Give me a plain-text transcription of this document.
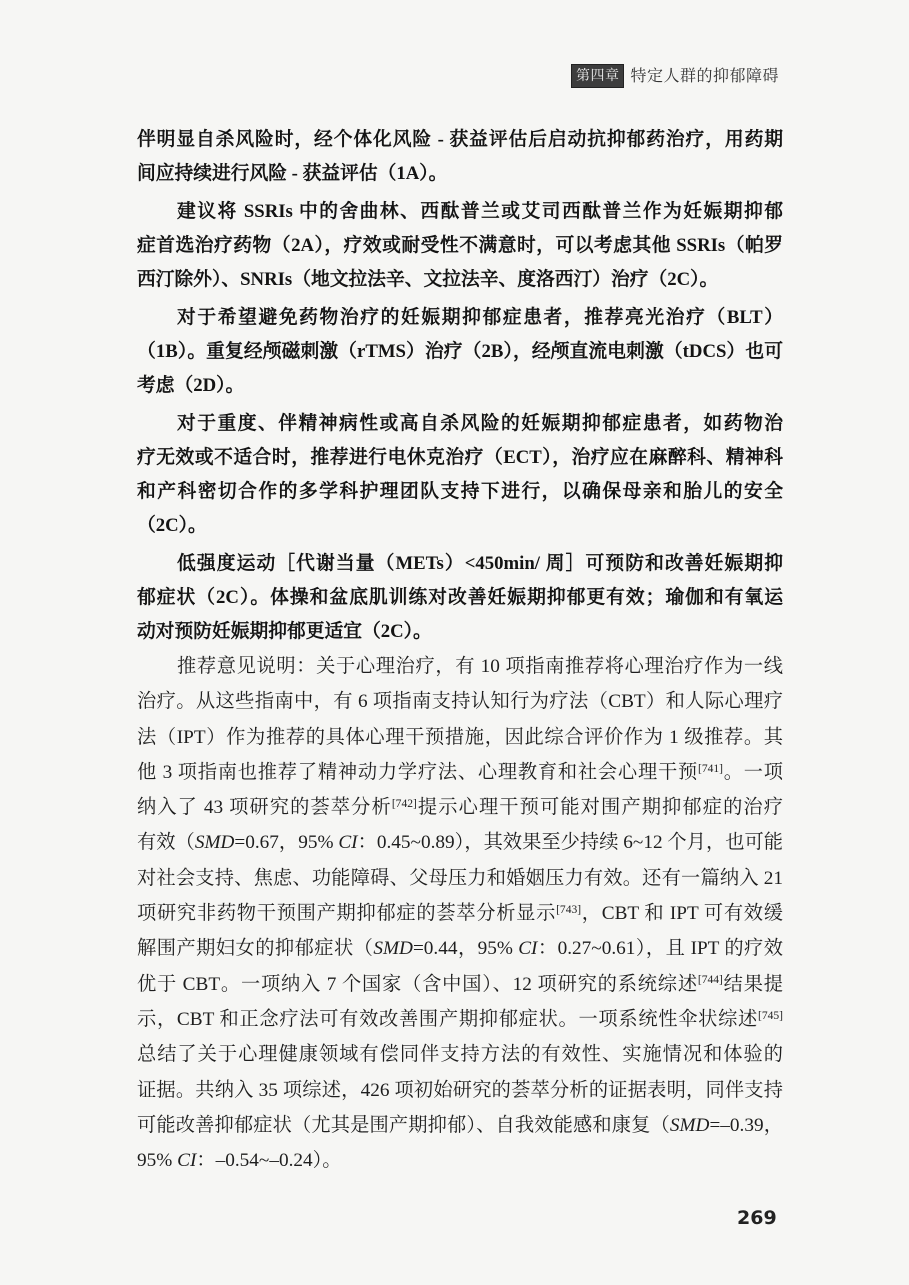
第四章 特定人群的抑郁障碍
伴明显自杀风险时，经个体化风险 - 获益评估后启动抗抑郁药治疗，用药期
间应持续进行风险 - 获益评估（1A）。
建议将 SSRIs 中的舍曲林、西酞普兰或艾司西酞普兰作为妊娠期抑郁
症首选治疗药物（2A），疗效或耐受性不满意时，可以考虑其他 SSRIs（帕罗
西汀除外）、SNRIs（地文拉法辛、文拉法辛、度洛西汀）治疗（2C）。
对于希望避免药物治疗的妊娠期抑郁症患者，推荐亮光治疗（BLT）
（1B）。重复经颅磁刺激（rTMS）治疗（2B），经颅直流电刺激（tDCS）也可
考虑（2D）。
对于重度、伴精神病性或高自杀风险的妊娠期抑郁症患者，如药物治
疗无效或不适合时，推荐进行电休克治疗（ECT），治疗应在麻醉科、精神科
和产科密切合作的多学科护理团队支持下进行，以确保母亲和胎儿的安全
（2C）。
低强度运动［代谢当量（METs）<450min/ 周］可预防和改善妊娠期抑
郁症状（2C）。体操和盆底肌训练对改善妊娠期抑郁更有效；瑜伽和有氧运
动对预防妊娠期抑郁更适宜（2C）。
推荐意见说明：关于心理治疗，有 10 项指南推荐将心理治疗作为一线
治疗。从这些指南中，有 6 项指南支持认知行为疗法（CBT）和人际心理疗
法（IPT）作为推荐的具体心理干预措施，因此综合评价作为 1 级推荐。其
他 3 项指南也推荐了精神动力学疗法、心理教育和社会心理干预[741]。一项
纳入了 43 项研究的荟萃分析[742]提示心理干预可能对围产期抑郁症的治疗
有效（SMD=0.67，95% CI：0.45~0.89），其效果至少持续 6~12 个月，也可能
对社会支持、焦虑、功能障碍、父母压力和婚姻压力有效。还有一篇纳入 21
项研究非药物干预围产期抑郁症的荟萃分析显示[743]，CBT 和 IPT 可有效缓
解围产期妇女的抑郁症状（SMD=0.44，95% CI：0.27~0.61），且 IPT 的疗效
优于 CBT。一项纳入 7 个国家（含中国）、12 项研究的系统综述[744]结果提
示，CBT 和正念疗法可有效改善围产期抑郁症状。一项系统性伞状综述[745]
总结了关于心理健康领域有偿同伴支持方法的有效性、实施情况和体验的
证据。共纳入 35 项综述，426 项初始研究的荟萃分析的证据表明，同伴支持
可能改善抑郁症状（尤其是围产期抑郁）、自我效能感和康复（SMD=–0.39，
95% CI：–0.54~–0.24）。
269
